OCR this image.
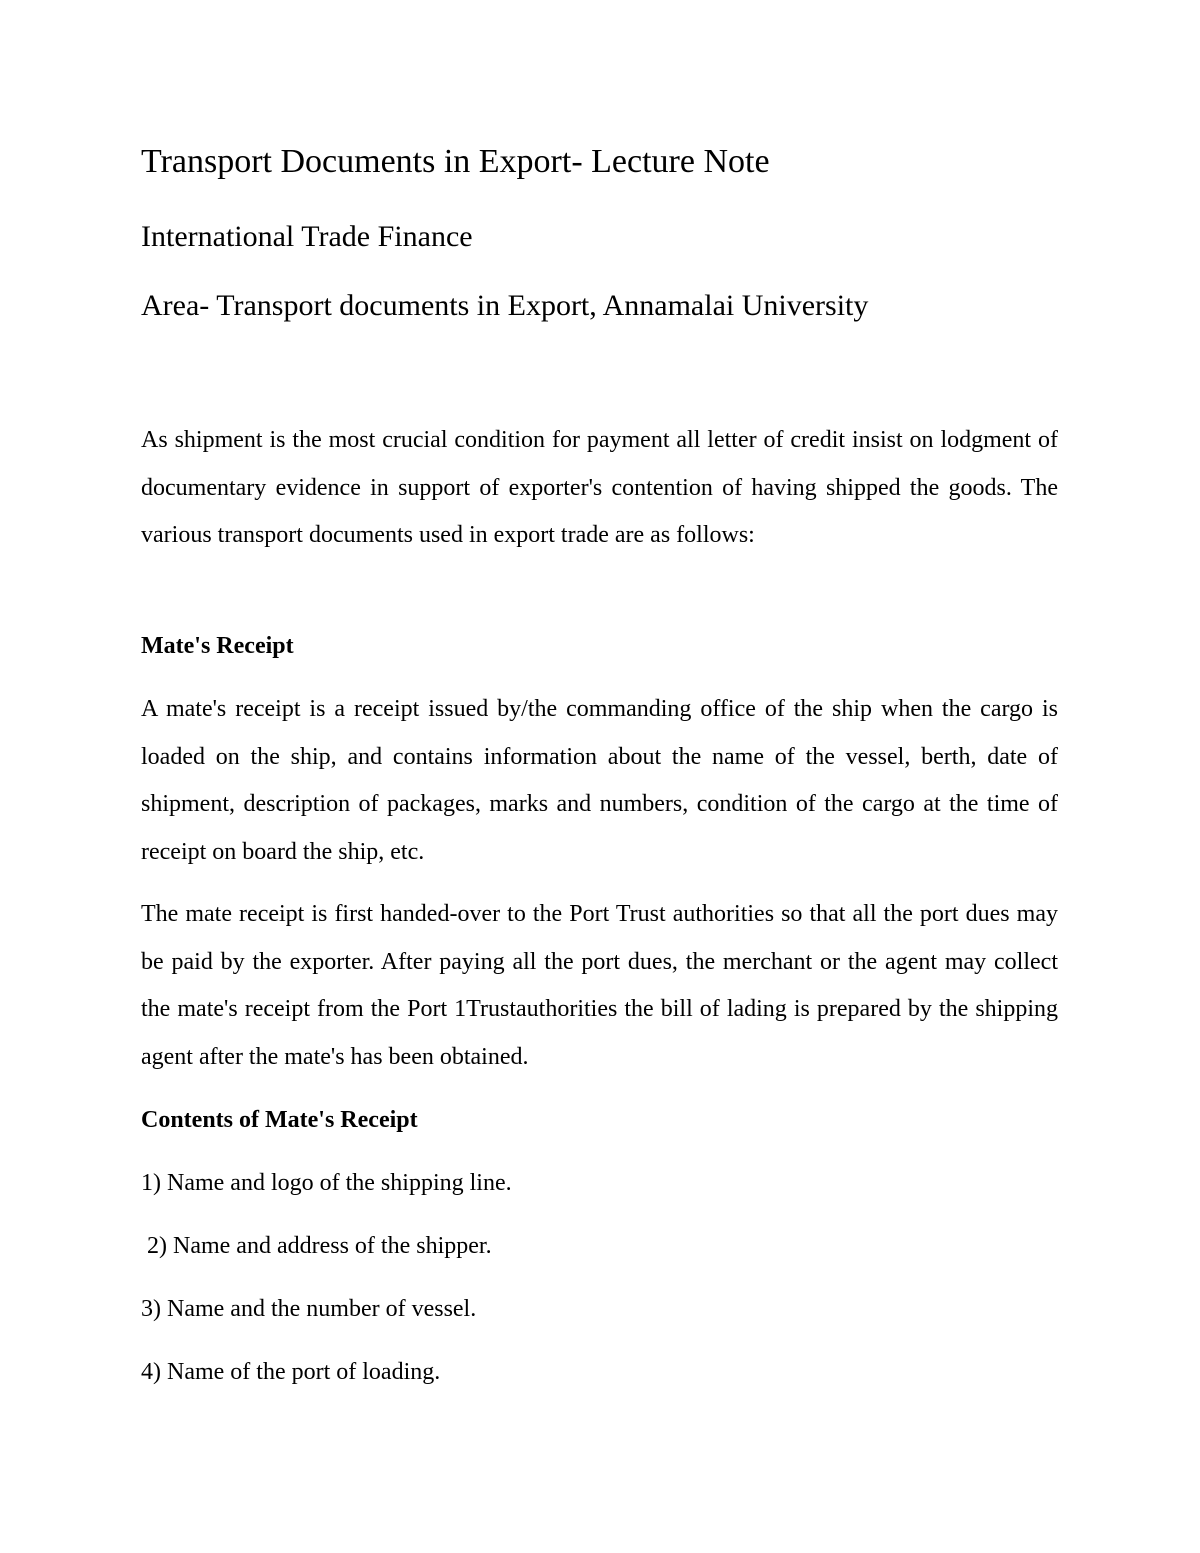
Transport Documents in Export- Lecture Note
International Trade Finance
Area- Transport documents in Export, Annamalai University

As shipment is the most crucial condition for payment all letter of credit insist on lodgment of documentary evidence in support of exporter's contention of having shipped the goods. The various transport documents used in export trade are as follows:

Mate's Receipt

A mate's receipt is a receipt issued by/the commanding office of the ship when the cargo is loaded on the ship, and contains information about the name of the vessel, berth, date of shipment, description of packages, marks and numbers, condition of the cargo at the time of receipt on board the ship, etc.

The mate receipt is first handed-over to the Port Trust authorities so that all the port dues may be paid by the exporter. After paying all the port dues, the merchant or the agent may collect the mate's receipt from the Port 1Trustauthorities the bill of lading is prepared by the shipping agent after the mate's has been obtained.

Contents of Mate's Receipt

1) Name and logo of the shipping line.

2) Name and address of the shipper.

3) Name and the number of vessel.

4) Name of the port of loading.
